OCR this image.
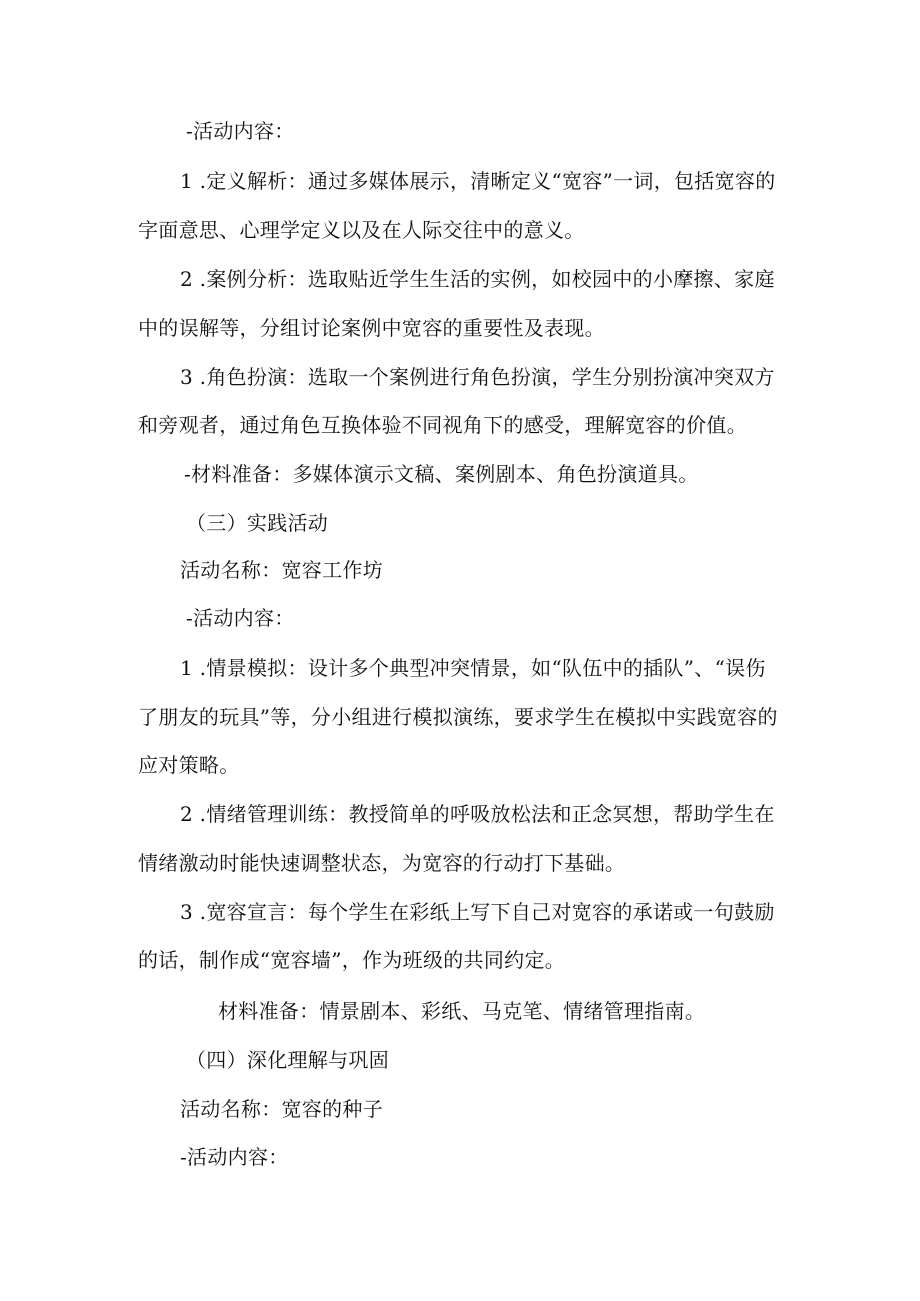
-活动内容：
1 .定义解析：通过多媒体展示，清晰定义“宽容”一词，包括宽容的
字面意思、心理学定义以及在人际交往中的意义。
2 .案例分析：选取贴近学生生活的实例，如校园中的小摩擦、家庭
中的误解等，分组讨论案例中宽容的重要性及表现。
3 .角色扮演：选取一个案例进行角色扮演，学生分别扮演冲突双方
和旁观者，通过角色互换体验不同视角下的感受，理解宽容的价值。
-材料准备：多媒体演示文稿、案例剧本、角色扮演道具。
（三）实践活动
活动名称：宽容工作坊
-活动内容：
1 .情景模拟：设计多个典型冲突情景，如“队伍中的插队”、“误伤
了朋友的玩具”等，分小组进行模拟演练，要求学生在模拟中实践宽容的
应对策略。
2 .情绪管理训练：教授简单的呼吸放松法和正念冥想，帮助学生在
情绪激动时能快速调整状态，为宽容的行动打下基础。
3 .宽容宣言：每个学生在彩纸上写下自己对宽容的承诺或一句鼓励
的话，制作成“宽容墙”，作为班级的共同约定。
材料准备：情景剧本、彩纸、马克笔、情绪管理指南。
（四）深化理解与巩固
活动名称：宽容的种子
-活动内容：
